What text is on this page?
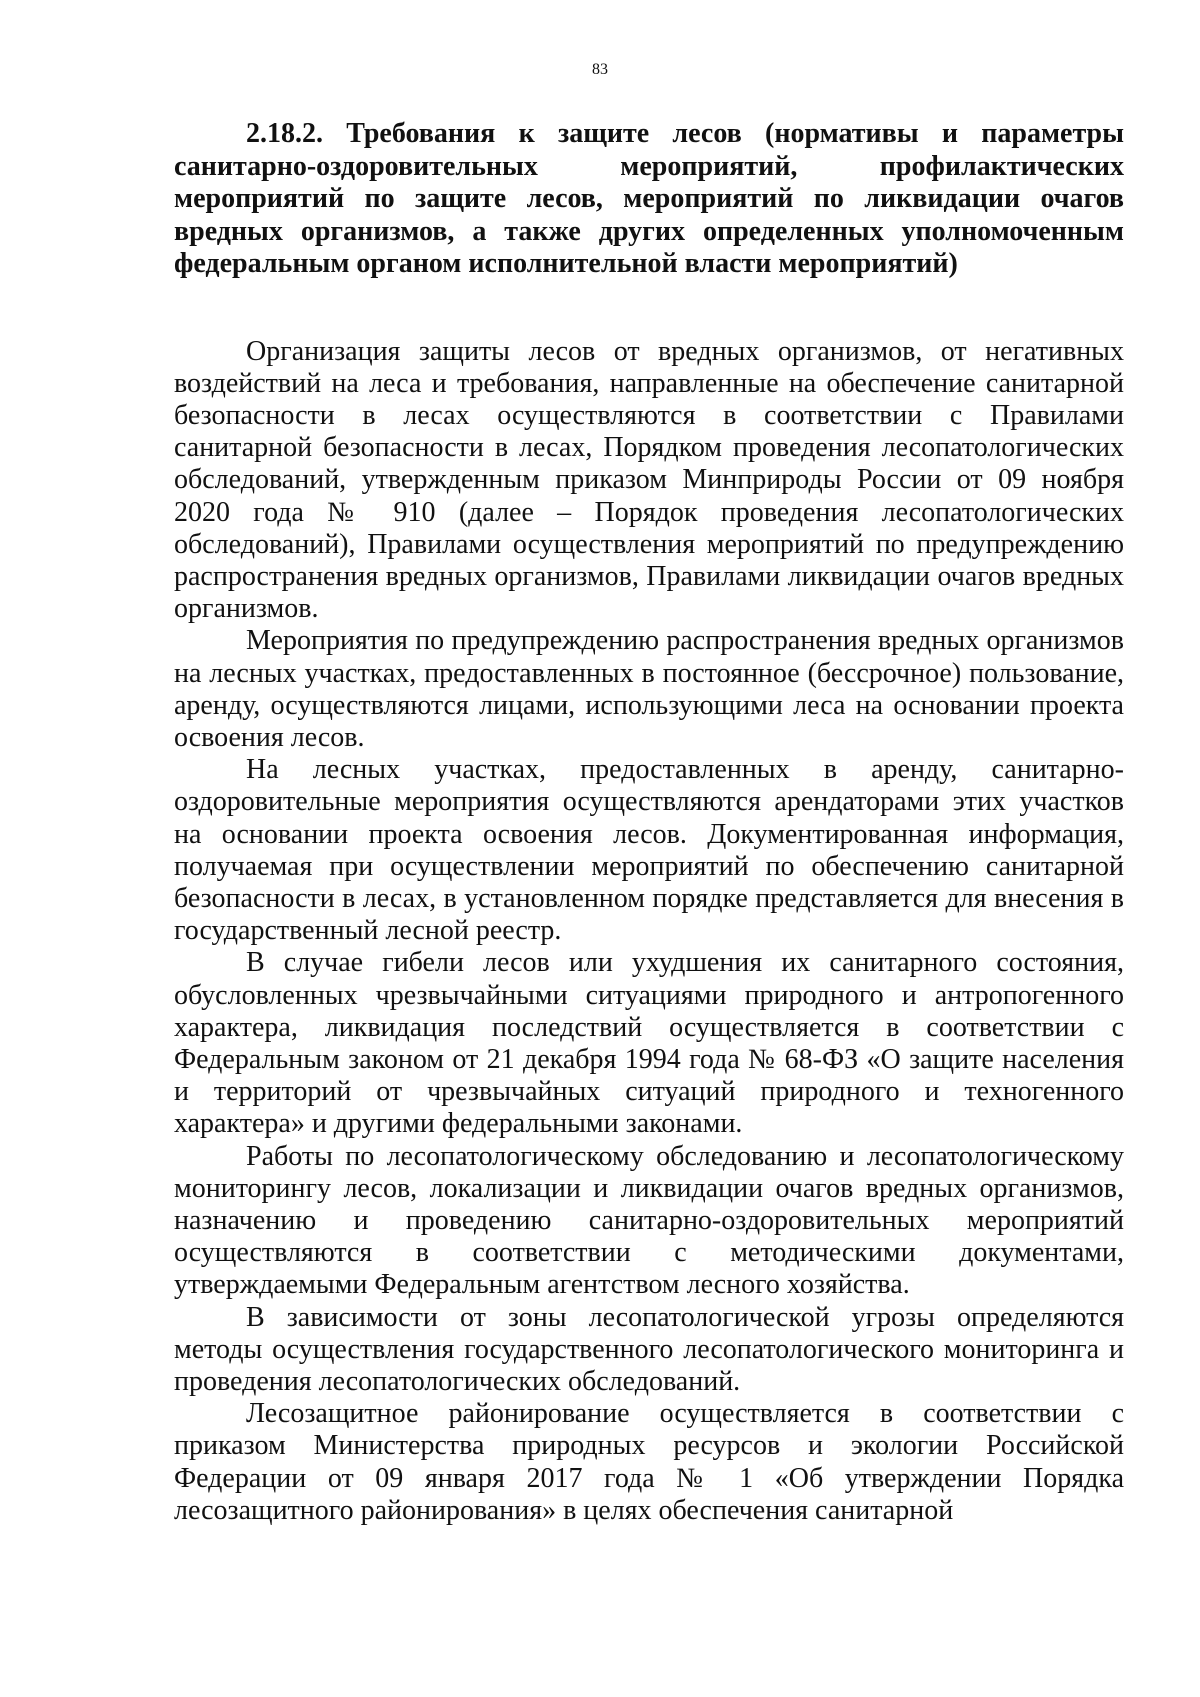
83

2.18.2. Требования к защите лесов (нормативы и параметры санитарно-оздоровительных мероприятий, профилактических мероприятий по защите лесов, мероприятий по ликвидации очагов вредных организмов, а также других определенных уполномоченным федеральным органом исполнительной власти мероприятий)

Организация защиты лесов от вредных организмов, от негативных воздействий на леса и требования, направленные на обеспечение санитарной безопасности в лесах осуществляются в соответствии с Правилами санитарной безопасности в лесах, Порядком проведения лесопатологических обследований, утвержденным приказом Минприроды России от 09 ноября 2020 года № 910 (далее – Порядок проведения лесопатологических обследований), Правилами осуществления мероприятий по предупреждению распространения вредных организмов, Правилами ликвидации очагов вредных организмов.

Мероприятия по предупреждению распространения вредных организмов на лесных участках, предоставленных в постоянное (бессрочное) пользование, аренду, осуществляются лицами, использующими леса на основании проекта освоения лесов.

На лесных участках, предоставленных в аренду, санитарно-оздоровительные мероприятия осуществляются арендаторами этих участков на основании проекта освоения лесов. Документированная информация, получаемая при осуществлении мероприятий по обеспечению санитарной безопасности в лесах, в установленном порядке представляется для внесения в государственный лесной реестр.

В случае гибели лесов или ухудшения их санитарного состояния, обусловленных чрезвычайными ситуациями природного и антропогенного характера, ликвидация последствий осуществляется в соответствии с Федеральным законом от 21 декабря 1994 года № 68-ФЗ «О защите населения и территорий от чрезвычайных ситуаций природного и техногенного характера» и другими федеральными законами.

Работы по лесопатологическому обследованию и лесопатологическому мониторингу лесов, локализации и ликвидации очагов вредных организмов, назначению и проведению санитарно-оздоровительных мероприятий осуществляются в соответствии с методическими документами, утверждаемыми Федеральным агентством лесного хозяйства.

В зависимости от зоны лесопатологической угрозы определяются методы осуществления государственного лесопатологического мониторинга и проведения лесопатологических обследований.

Лесозащитное районирование осуществляется в соответствии с приказом Министерства природных ресурсов и экологии Российской Федерации от 09 января 2017 года № 1 «Об утверждении Порядка лесозащитного районирования» в целях обеспечения санитарной
